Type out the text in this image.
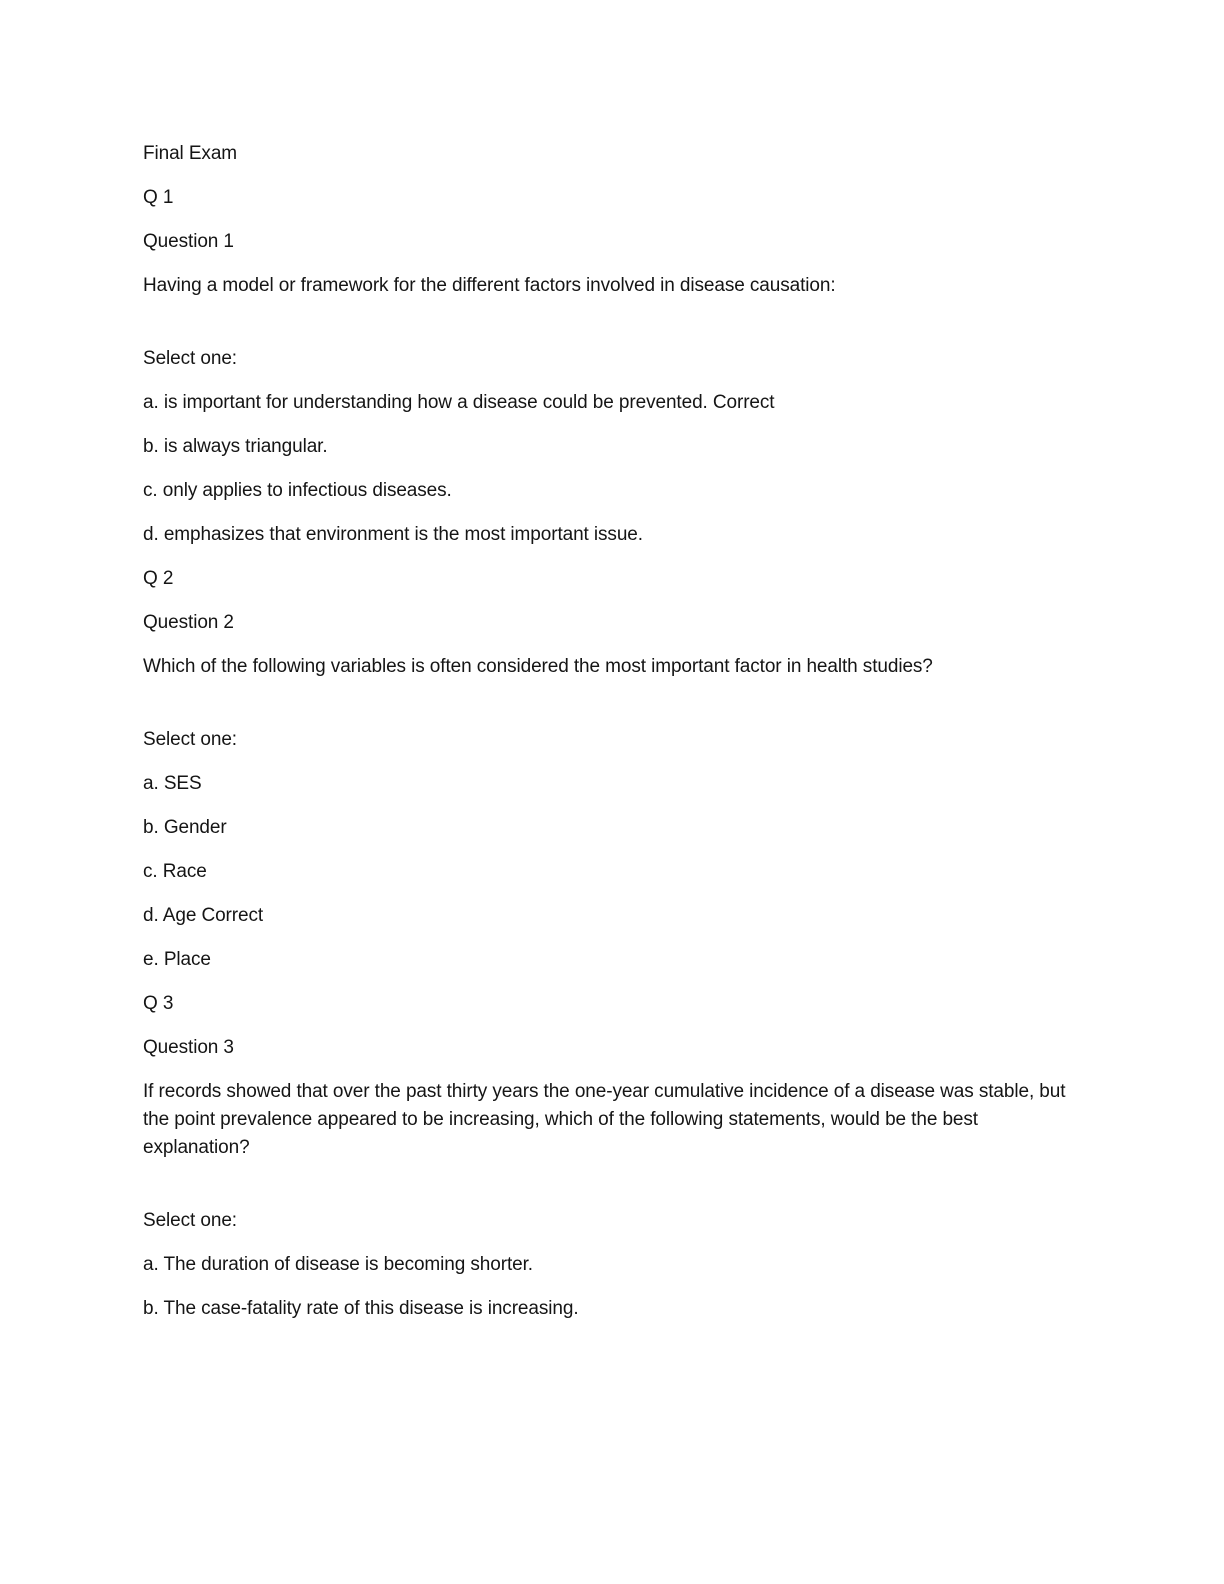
Final Exam

Q 1

Question 1

Having a model or framework for the different factors involved in disease causation:

Select one:

a. is important for understanding how a disease could be prevented. Correct

b. is always triangular.

c. only applies to infectious diseases.

d. emphasizes that environment is the most important issue.

Q 2

Question 2

Which of the following variables is often considered the most important factor in health studies?

Select one:

a. SES

b. Gender

c. Race

d. Age Correct

e. Place

Q 3

Question 3

If records showed that over the past thirty years the one-year cumulative incidence of a disease was stable, but the point prevalence appeared to be increasing, which of the following statements, would be the best explanation?

Select one:

a. The duration of disease is becoming shorter.

b. The case-fatality rate of this disease is increasing.
